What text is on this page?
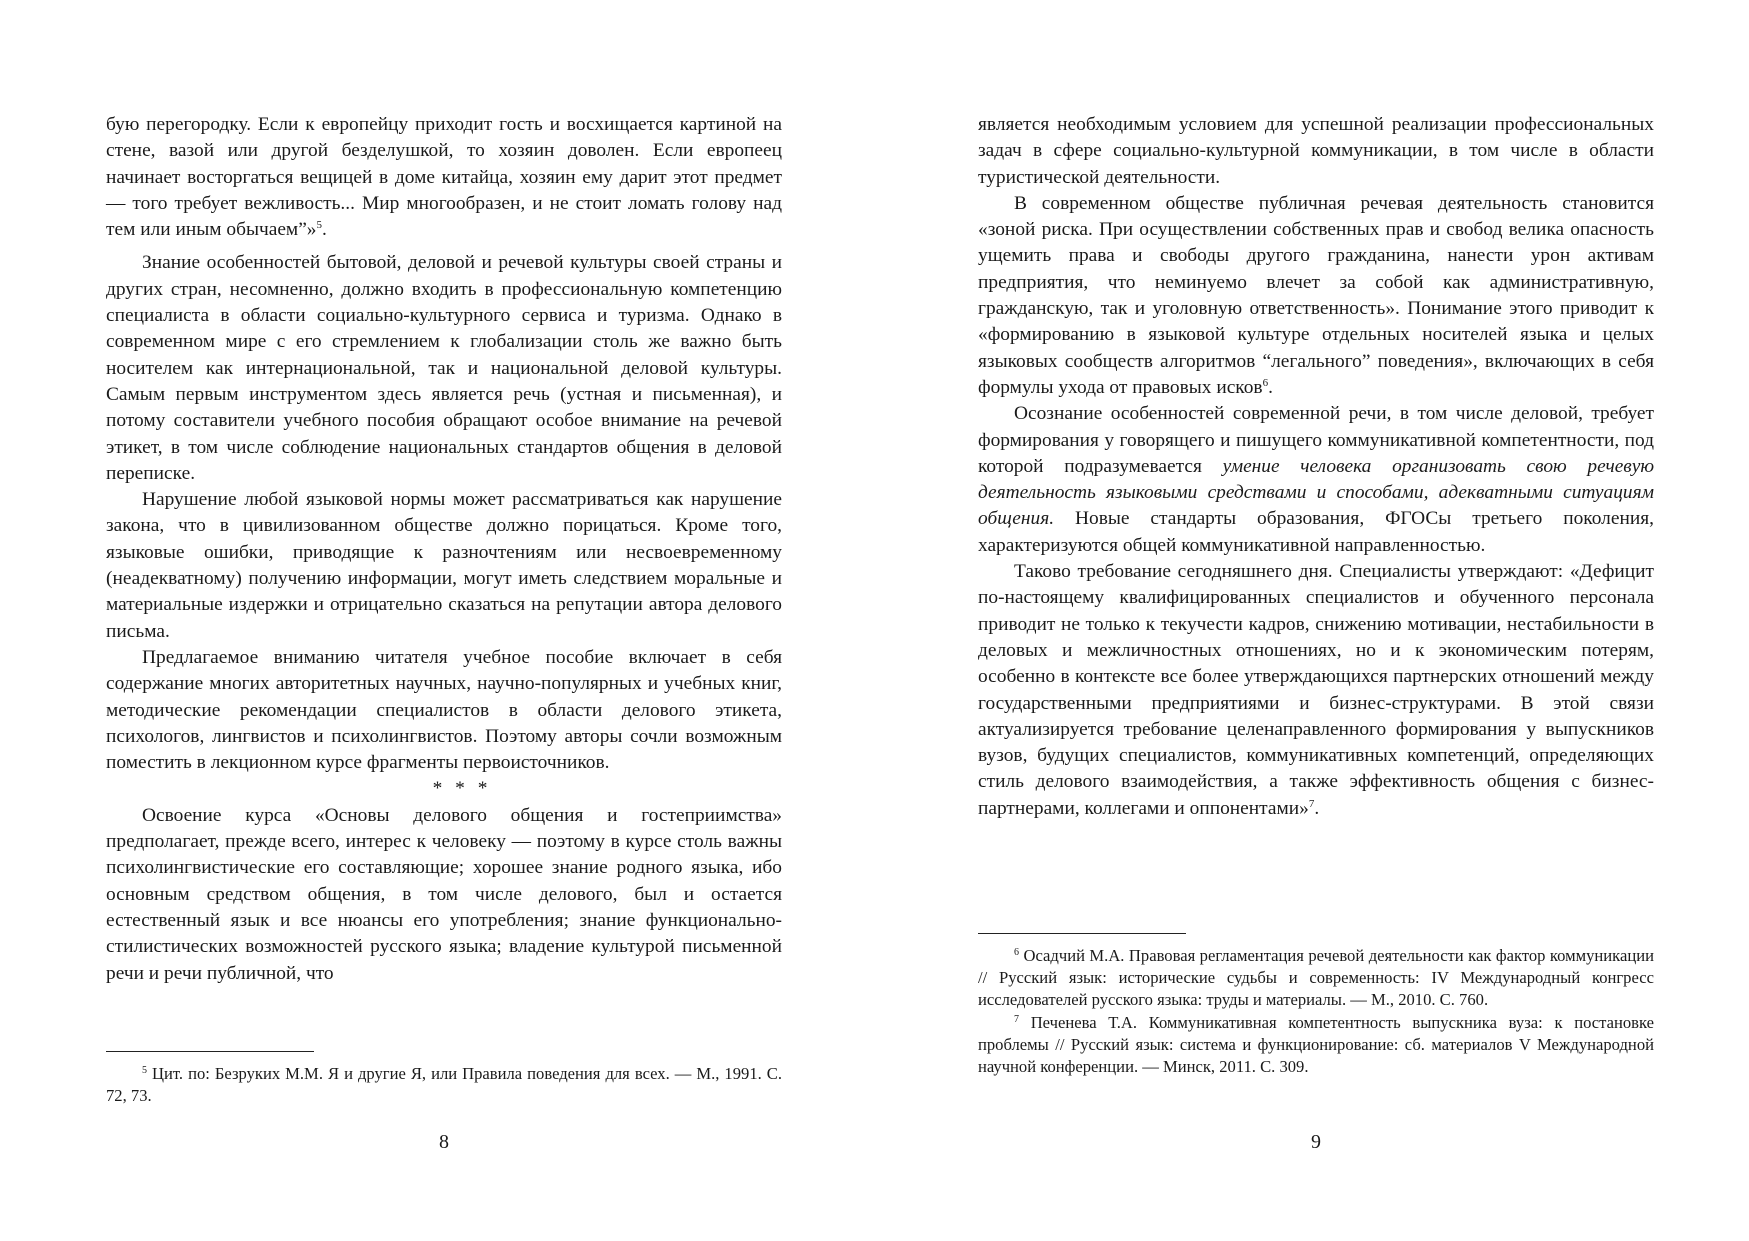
бую перегородку. Если к европейцу приходит гость и восхищается картиной на стене, вазой или другой безделушкой, то хозяин доволен. Если европеец начинает восторгаться вещицей в доме китайца, хозяин ему дарит этот предмет — того требует вежливость... Мир многообразен, и не стоит ломать голову над тем или иным обычаем”»$^5$.

Знание особенностей бытовой, деловой и речевой культуры своей страны и других стран, несомненно, должно входить в профессиональную компетенцию специалиста в области социально-культурного сервиса и туризма. Однако в современном мире с его стремлением к глобализации столь же важно быть носителем как интернациональной, так и национальной деловой культуры. Самым первым инструментом здесь является речь (устная и письменная), и потому составители учебного пособия обращают особое внимание на речевой этикет, в том числе соблюдение национальных стандартов общения в деловой переписке.

Нарушение любой языковой нормы может рассматриваться как нарушение закона, что в цивилизованном обществе должно порицаться. Кроме того, языковые ошибки, приводящие к разночтениям или несвоевременному (неадекватному) получению информации, могут иметь следствием моральные и материальные издержки и отрицательно сказаться на репутации автора делового письма.

Предлагаемое вниманию читателя учебное пособие включает в себя содержание многих авторитетных научных, научно-популярных и учебных книг, методические рекомендации специалистов в области делового этикета, психологов, лингвистов и психолингвистов. Поэтому авторы сочли возможным поместить в лекционном курсе фрагменты первоисточников.

* * *

Освоение курса «Основы делового общения и гостеприимства» предполагает, прежде всего, интерес к человеку — поэтому в курсе столь важны психолингвистические его составляющие; хорошее знание родного языка, ибо основным средством общения, в том числе делового, был и остается естественный язык и все нюансы его употребления; знание функционально-стилистических возможностей русского языка; владение культурой письменной речи и речи публичной, что

$^5$ Цит. по: Безруких М.М. Я и другие Я, или Правила поведения для всех. — М., 1991. С. 72, 73.

8

является необходимым условием для успешной реализации профессиональных задач в сфере социально-культурной коммуникации, в том числе в области туристической деятельности.

В современном обществе публичная речевая деятельность становится «зоной риска. При осуществлении собственных прав и свобод велика опасность ущемить права и свободы другого гражданина, нанести урон активам предприятия, что неминуемо влечет за собой как административную, гражданскую, так и уголовную ответственность». Понимание этого приводит к «формированию в языковой культуре отдельных носителей языка и целых языковых сообществ алгоритмов “легального” поведения», включающих в себя формулы ухода от правовых исков$^6$.

Осознание особенностей современной речи, в том числе деловой, требует формирования у говорящего и пишущего коммуникативной компетентности, под которой подразумевается умение человека организовать свою речевую деятельность языковыми средствами и способами, адекватными ситуациям общения. Новые стандарты образования, ФГОСы третьего поколения, характеризуются общей коммуникативной направленностью.

Таково требование сегодняшнего дня. Специалисты утверждают: «Дефицит по-настоящему квалифицированных специалистов и обученного персонала приводит не только к текучести кадров, снижению мотивации, нестабильности в деловых и межличностных отношениях, но и к экономическим потерям, особенно в контексте все более утверждающихся партнерских отношений между государственными предприятиями и бизнес-структурами. В этой связи актуализируется требование целенаправленного формирования у выпускников вузов, будущих специалистов, коммуникативных компетенций, определяющих стиль делового взаимодействия, а также эффективность общения с бизнес-партнерами, коллегами и оппонентами»$^7$.

$^6$ Осадчий М.А. Правовая регламентация речевой деятельности как фактор коммуникации // Русский язык: исторические судьбы и современность: IV Международный конгресс исследователей русского языка: труды и материалы. — М., 2010. С. 760.

$^7$ Печенева Т.А. Коммуникативная компетентность выпускника вуза: к постановке проблемы // Русский язык: система и функционирование: сб. материалов V Международной научной конференции. — Минск, 2011. С. 309.

9
